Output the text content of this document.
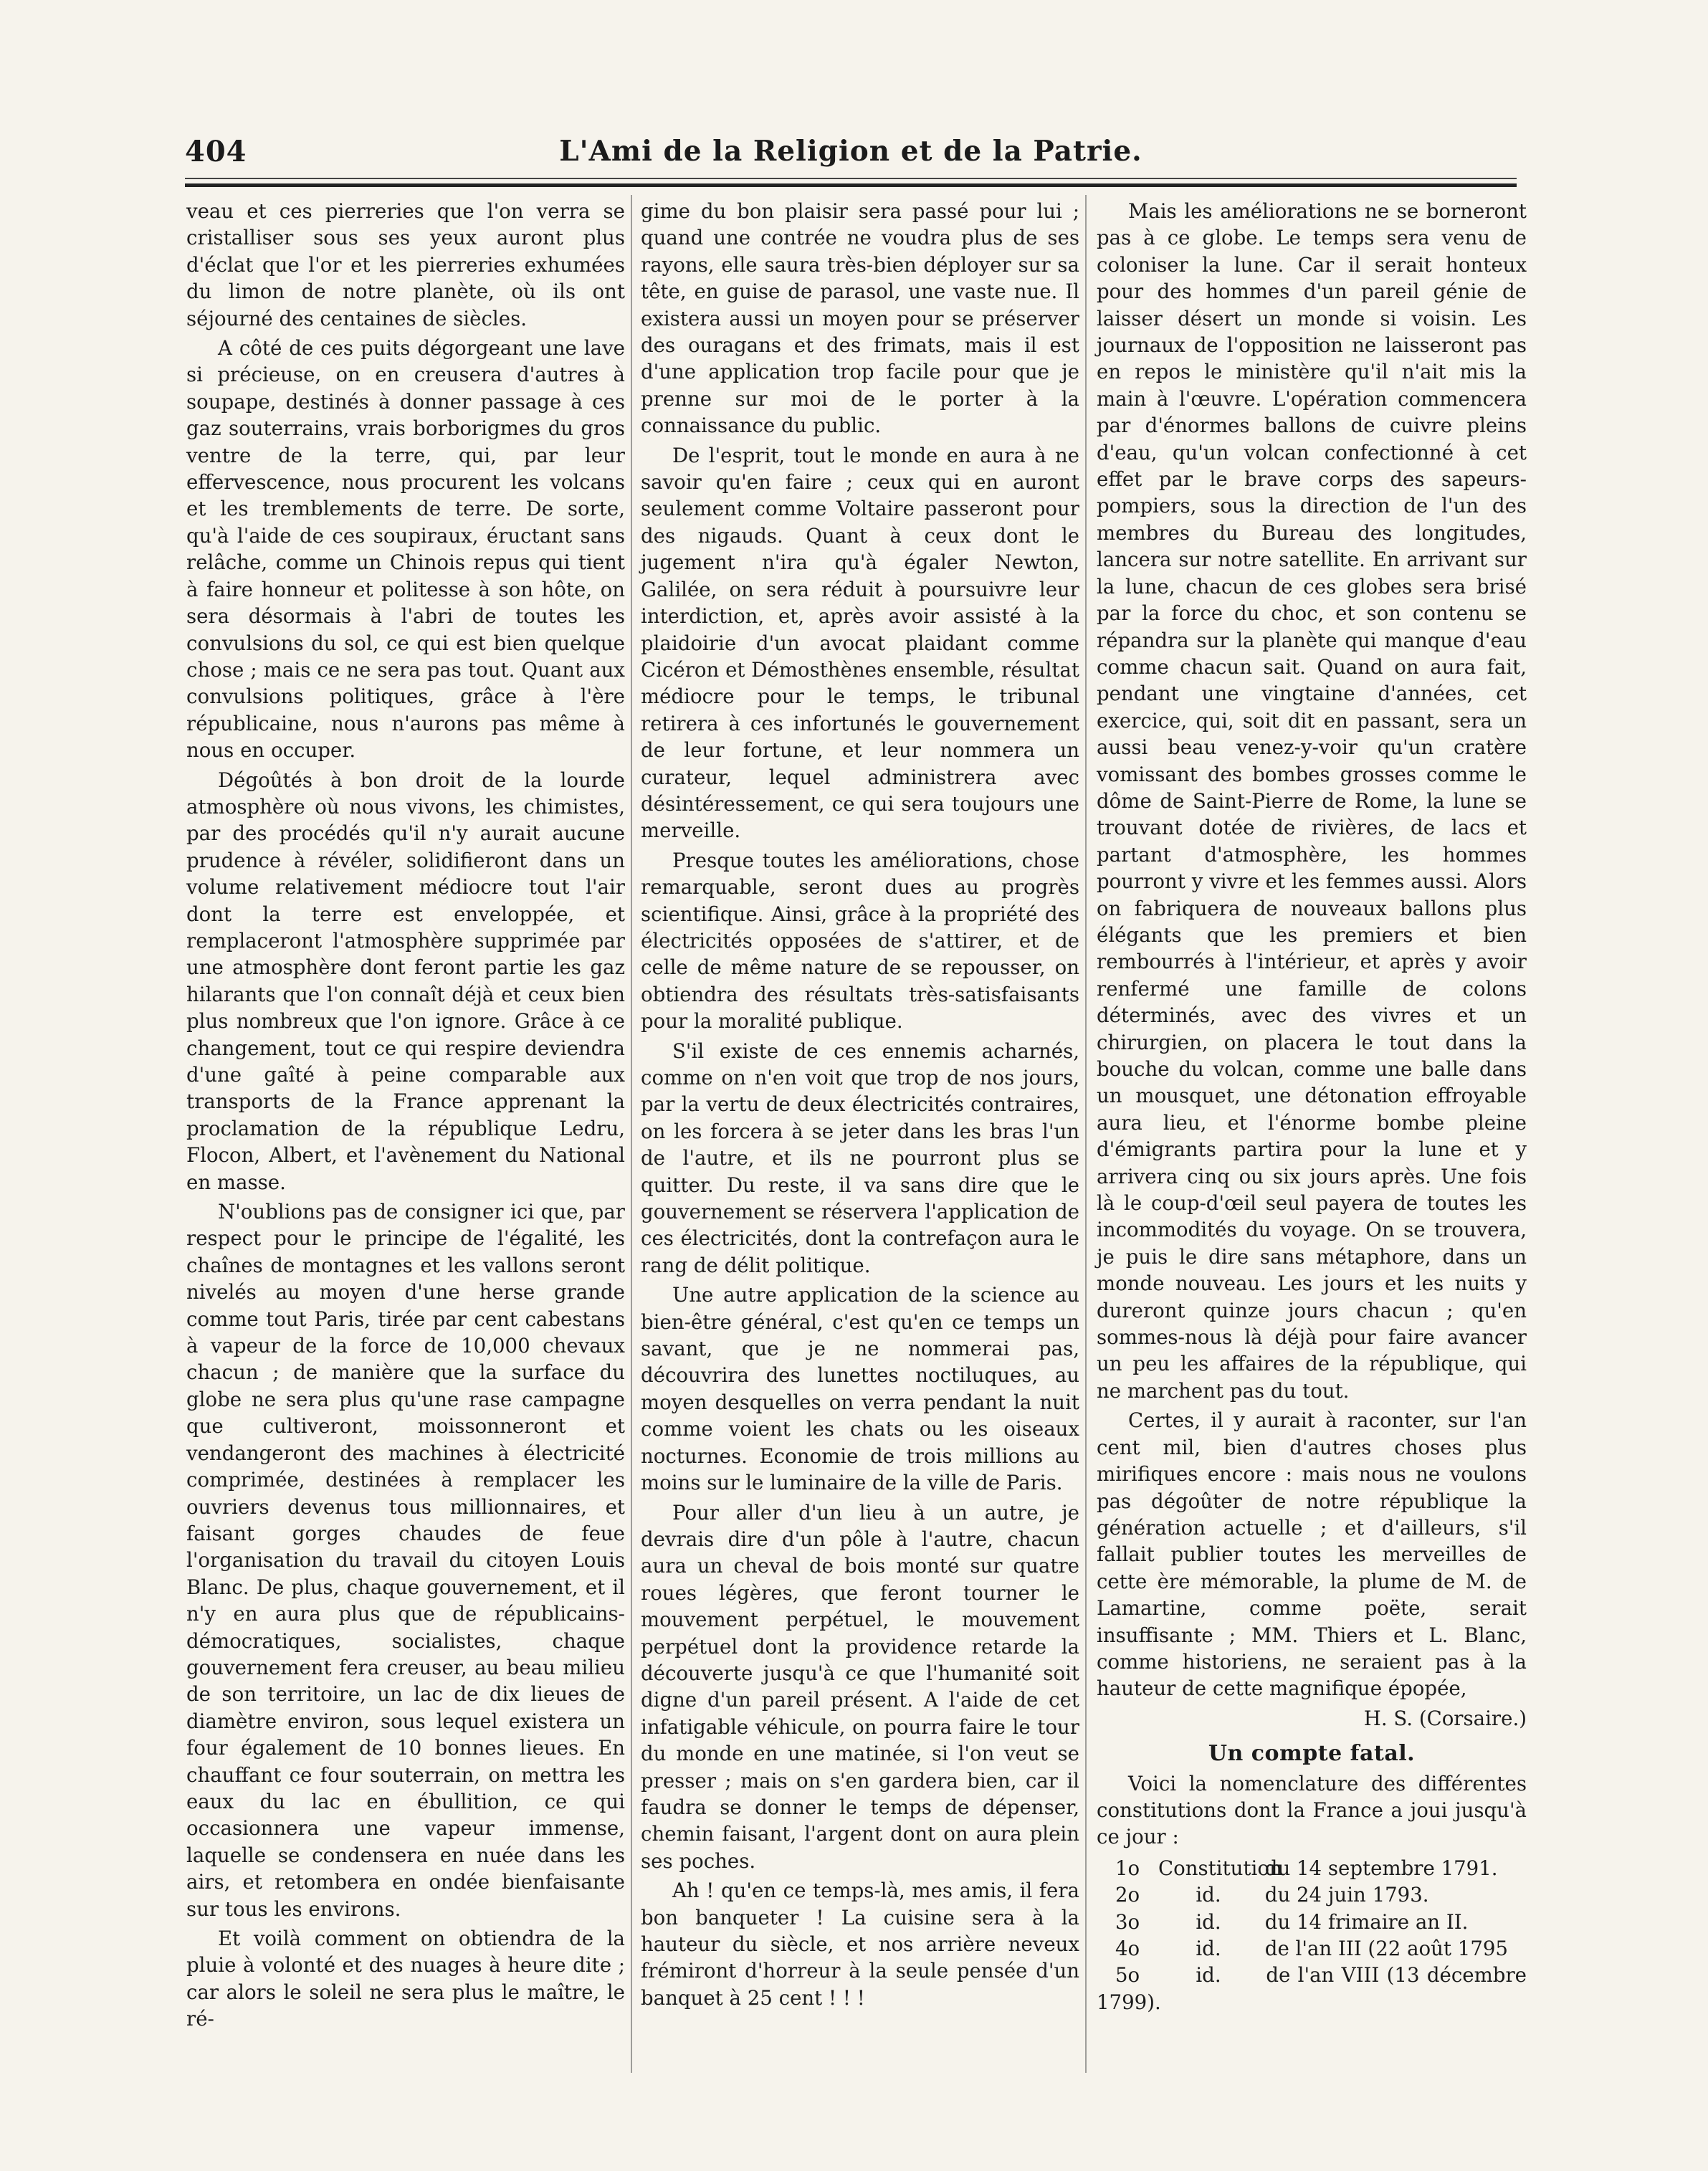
404	L'Ami de la Religion et de la Patrie.

veau et ces pierreries que l'on verra se cristalliser sous ses yeux auront plus d'éclat que l'or et les pierreries exhumées du limon de notre planète, où ils ont séjourné des centaines de siècles.

A côté de ces puits dégorgeant une lave si précieuse, on en creusera d'autres à soupape, destinés à donner passage à ces gaz souterrains, vrais borborigmes du gros ventre de la terre, qui, par leur effervescence, nous procurent les volcans et les tremblements de terre. De sorte, qu'à l'aide de ces soupiraux, éructant sans relâche, comme un Chinois repus qui tient à faire honneur et politesse à son hôte, on sera désormais à l'abri de toutes les convulsions du sol, ce qui est bien quelque chose ; mais ce ne sera pas tout. Quant aux convulsions politiques, grâce à l'ère républicaine, nous n'aurons pas même à nous en occuper.

Dégoûtés à bon droit de la lourde atmosphère où nous vivons, les chimistes, par des procédés qu'il n'y aurait aucune prudence à révéler, solidifieront dans un volume relativement médiocre tout l'air dont la terre est enveloppée, et remplaceront l'atmosphère supprimée par une atmosphère dont feront partie les gaz hilarants que l'on connaît déjà et ceux bien plus nombreux que l'on ignore. Grâce à ce changement, tout ce qui respire deviendra d'une gaîté à peine comparable aux transports de la France apprenant la proclamation de la république Ledru, Flocon, Albert, et l'avènement du National en masse.

N'oublions pas de consigner ici que, par respect pour le principe de l'égalité, les chaînes de montagnes et les vallons seront nivelés au moyen d'une herse grande comme tout Paris, tirée par cent cabestans à vapeur de la force de 10,000 chevaux chacun ; de manière que la surface du globe ne sera plus qu'une rase campagne que cultiveront, moissonneront et vendangeront des machines à électricité comprimée, destinées à remplacer les ouvriers devenus tous millionnaires, et faisant gorges chaudes de feue l'organisation du travail du citoyen Louis Blanc. De plus, chaque gouvernement, et il n'y en aura plus que de républicains-démocratiques, socialistes, chaque gouvernement fera creuser, au beau milieu de son territoire, un lac de dix lieues de diamètre environ, sous lequel existera un four également de 10 bonnes lieues. En chauffant ce four souterrain, on mettra les eaux du lac en ébullition, ce qui occasionnera une vapeur immense, laquelle se condensera en nuée dans les airs, et retombera en ondée bienfaisante sur tous les environs.

Et voilà comment on obtiendra de la pluie à volonté et des nuages à heure dite ; car alors le soleil ne sera plus le maître, le ré-

gime du bon plaisir sera passé pour lui ; quand une contrée ne voudra plus de ses rayons, elle saura très-bien déployer sur sa tête, en guise de parasol, une vaste nue. Il existera aussi un moyen pour se préserver des ouragans et des frimats, mais il est d'une application trop facile pour que je prenne sur moi de le porter à la connaissance du public.

De l'esprit, tout le monde en aura à ne savoir qu'en faire ; ceux qui en auront seulement comme Voltaire passeront pour des nigauds. Quant à ceux dont le jugement n'ira qu'à égaler Newton, Galilée, on sera réduit à poursuivre leur interdiction, et, après avoir assisté à la plaidoirie d'un avocat plaidant comme Cicéron et Démosthènes ensemble, résultat médiocre pour le temps, le tribunal retirera à ces infortunés le gouvernement de leur fortune, et leur nommera un curateur, lequel administrera avec désintéressement, ce qui sera toujours une merveille.

Presque toutes les améliorations, chose remarquable, seront dues au progrès scientifique. Ainsi, grâce à la propriété des électricités opposées de s'attirer, et de celle de même nature de se repousser, on obtiendra des résultats très-satisfaisants pour la moralité publique.

S'il existe de ces ennemis acharnés, comme on n'en voit que trop de nos jours, par la vertu de deux électricités contraires, on les forcera à se jeter dans les bras l'un de l'autre, et ils ne pourront plus se quitter. Du reste, il va sans dire que le gouvernement se réservera l'application de ces électricités, dont la contrefaçon aura le rang de délit politique.

Une autre application de la science au bien-être général, c'est qu'en ce temps un savant, que je ne nommerai pas, découvrira des lunettes noctiluques, au moyen desquelles on verra pendant la nuit comme voient les chats ou les oiseaux nocturnes. Economie de trois millions au moins sur le luminaire de la ville de Paris.

Pour aller d'un lieu à un autre, je devrais dire d'un pôle à l'autre, chacun aura un cheval de bois monté sur quatre roues légères, que feront tourner le mouvement perpétuel, le mouvement perpétuel dont la providence retarde la découverte jusqu'à ce que l'humanité soit digne d'un pareil présent. A l'aide de cet infatigable véhicule, on pourra faire le tour du monde en une matinée, si l'on veut se presser ; mais on s'en gardera bien, car il faudra se donner le temps de dépenser, chemin faisant, l'argent dont on aura plein ses poches.

Ah ! qu'en ce temps-là, mes amis, il fera bon banqueter ! La cuisine sera à la hauteur du siècle, et nos arrière neveux frémiront d'horreur à la seule pensée d'un banquet à 25 cent ! ! !

Mais les améliorations ne se borneront pas à ce globe. Le temps sera venu de coloniser la lune. Car il serait honteux pour des hommes d'un pareil génie de laisser désert un monde si voisin. Les journaux de l'opposition ne laisseront pas en repos le ministère qu'il n'ait mis la main à l'œuvre. L'opération commencera par d'énormes ballons de cuivre pleins d'eau, qu'un volcan confectionné à cet effet par le brave corps des sapeurs-pompiers, sous la direction de l'un des membres du Bureau des longitudes, lancera sur notre satellite. En arrivant sur la lune, chacun de ces globes sera brisé par la force du choc, et son contenu se répandra sur la planète qui manque d'eau comme chacun sait. Quand on aura fait, pendant une vingtaine d'années, cet exercice, qui, soit dit en passant, sera un aussi beau venez-y-voir qu'un cratère vomissant des bombes grosses comme le dôme de Saint-Pierre de Rome, la lune se trouvant dotée de rivières, de lacs et partant d'atmosphère, les hommes pourront y vivre et les femmes aussi. Alors on fabriquera de nouveaux ballons plus élégants que les premiers et bien rembourrés à l'intérieur, et après y avoir renfermé une famille de colons déterminés, avec des vivres et un chirurgien, on placera le tout dans la bouche du volcan, comme une balle dans un mousquet, une détonation effroyable aura lieu, et l'énorme bombe pleine d'émigrants partira pour la lune et y arrivera cinq ou six jours après. Une fois là le coup-d'œil seul payera de toutes les incommodités du voyage. On se trouvera, je puis le dire sans métaphore, dans un monde nouveau. Les jours et les nuits y dureront quinze jours chacun ; qu'en sommes-nous là déjà pour faire avancer un peu les affaires de la république, qui ne marchent pas du tout.

Certes, il y aurait à raconter, sur l'an cent mil, bien d'autres choses plus mirifiques encore : mais nous ne voulons pas dégoûter de notre république la génération actuelle ; et d'ailleurs, s'il fallait publier toutes les merveilles de cette ère mémorable, la plume de M. de Lamartine, comme poëte, serait insuffisante ; MM. Thiers et L. Blanc, comme historiens, ne seraient pas à la hauteur de cette magnifique épopée,

H. S. (Corsaire.)

Un compte fatal.

Voici la nomenclature des différentes constitutions dont la France a joui jusqu'à ce jour :

1o Constitution du 14 septembre 1791.
2o	id. du 24 juin 1793.
3o	id. du 14 frimaire an II.
4o	id. de l'an III (22 août 1795
5o	id. de l'an VIII (13 décembre 1799).
